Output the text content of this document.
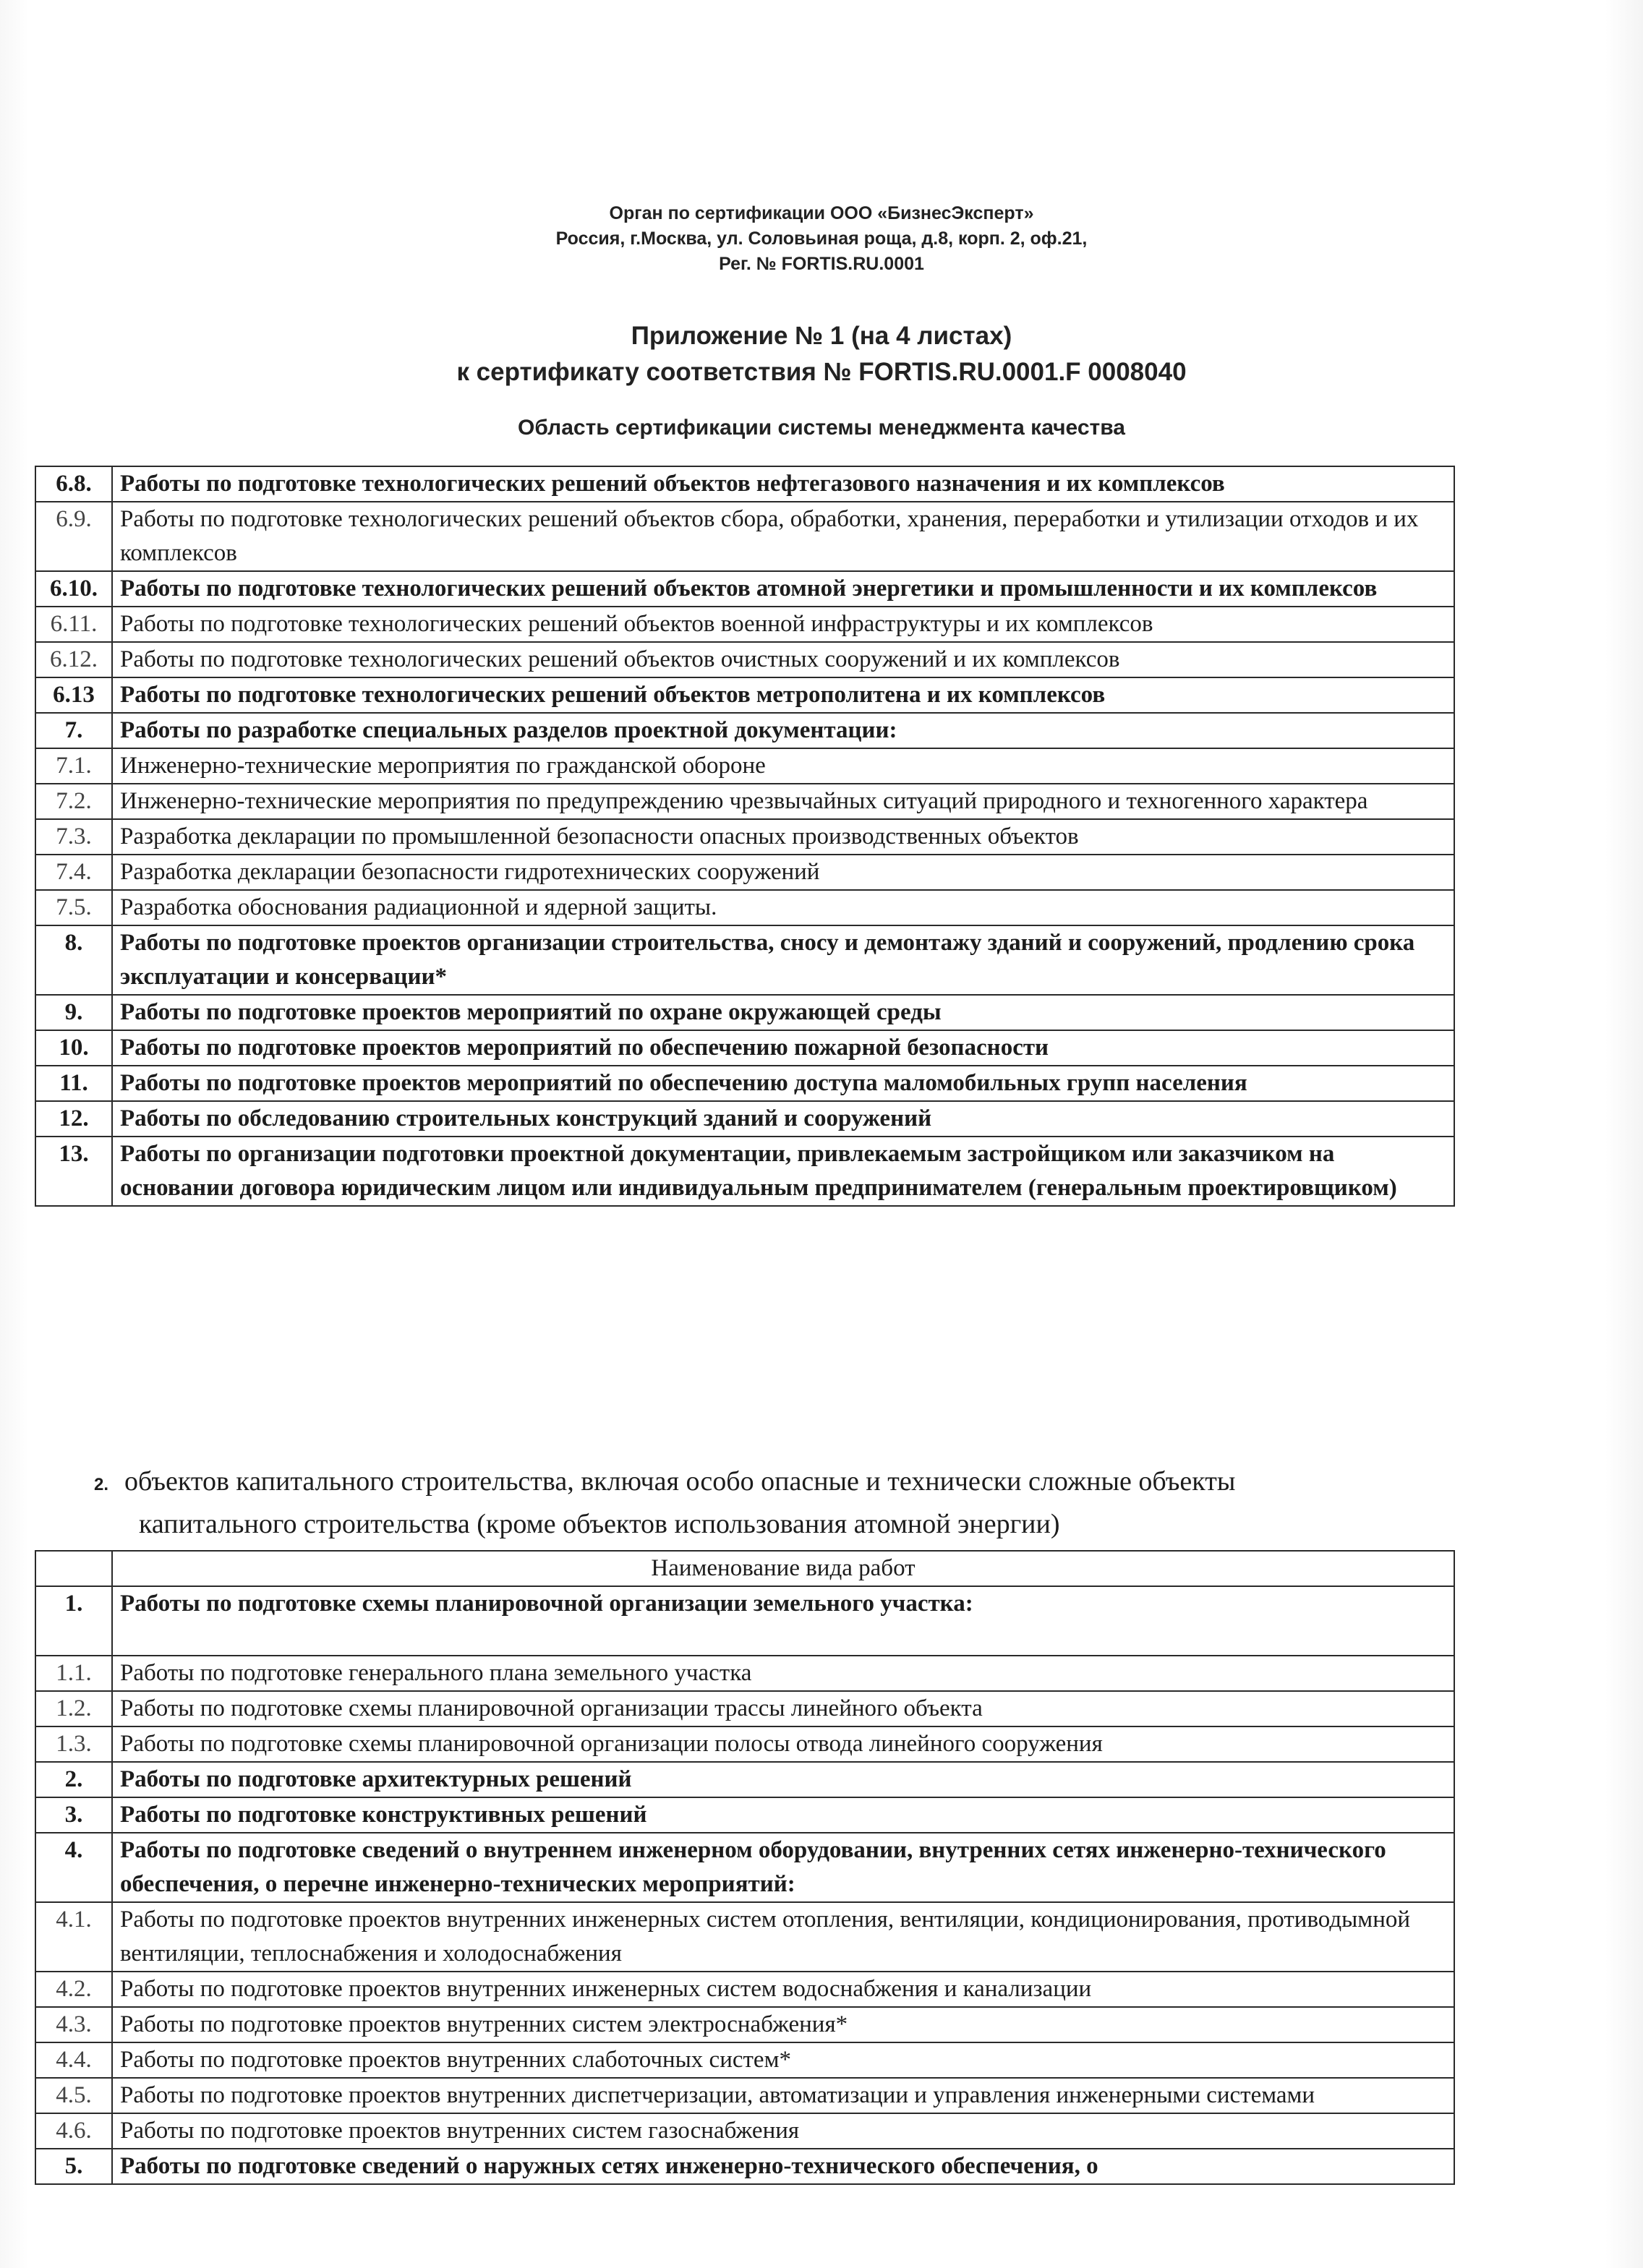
Орган по сертификации ООО «БизнесЭксперт»
Россия, г.Москва, ул. Соловьиная роща, д.8, корп. 2, оф.21,
Рег. № FORTIS.RU.0001
Приложение № 1 (на 4 листах)
к сертификату соответствия № FORTIS.RU.0001.F 0008040
Область сертификации системы менеджмента качества
6.8.	Работы по подготовке технологических решений объектов нефтегазового назначения и их комплексов
6.9.	Работы по подготовке технологических решений объектов сбора, обработки, хранения, переработки и утилизации отходов и их комплексов
6.10.	Работы по подготовке технологических решений объектов атомной энергетики и промышленности и их комплексов
6.11.	Работы по подготовке технологических решений объектов военной инфраструктуры и их комплексов
6.12.	Работы по подготовке технологических решений объектов очистных сооружений и их комплексов
6.13	Работы по подготовке технологических решений объектов метрополитена и их комплексов
7.	Работы по разработке специальных разделов проектной документации:
7.1.	Инженерно-технические мероприятия по гражданской обороне
7.2.	Инженерно-технические мероприятия по предупреждению чрезвычайных ситуаций природного и техногенного характера
7.3.	Разработка декларации по промышленной безопасности опасных производственных объектов
7.4.	Разработка декларации безопасности гидротехнических сооружений
7.5.	Разработка обоснования радиационной и ядерной защиты.
8.	Работы по подготовке проектов организации строительства, сносу и демонтажу зданий и сооружений, продлению срока эксплуатации и консервации*
9.	Работы по подготовке проектов мероприятий по охране окружающей среды
10.	Работы по подготовке проектов мероприятий по обеспечению пожарной безопасности
11.	Работы по подготовке проектов мероприятий по обеспечению доступа маломобильных групп населения
12.	Работы по обследованию строительных конструкций зданий и сооружений
13.	Работы по организации подготовки проектной документации, привлекаемым застройщиком или заказчиком на основании договора юридическим лицом или индивидуальным предпринимателем (генеральным проектировщиком)
2. объектов капитального строительства, включая особо опасные и технически сложные объекты
капитального строительства (кроме объектов использования атомной энергии)
	Наименование вида работ
1.	Работы по подготовке схемы планировочной организации земельного участка:
1.1.	Работы по подготовке генерального плана земельного участка
1.2.	Работы по подготовке схемы планировочной организации трассы линейного объекта
1.3.	Работы по подготовке схемы планировочной организации полосы отвода линейного сооружения
2.	Работы по подготовке архитектурных решений
3.	Работы по подготовке конструктивных решений
4.	Работы по подготовке сведений о внутреннем инженерном оборудовании, внутренних сетях инженерно-технического обеспечения, о перечне инженерно-технических мероприятий:
4.1.	Работы по подготовке проектов внутренних инженерных систем отопления, вентиляции, кондиционирования, противодымной вентиляции, теплоснабжения и холодоснабжения
4.2.	Работы по подготовке проектов внутренних инженерных систем водоснабжения и канализации
4.3.	Работы по подготовке проектов внутренних систем электроснабжения*
4.4.	Работы по подготовке проектов внутренних слаботочных систем*
4.5.	Работы по подготовке проектов внутренних диспетчеризации, автоматизации и управления инженерными системами
4.6.	Работы по подготовке проектов внутренних систем газоснабжения
5.	Работы по подготовке сведений о наружных сетях инженерно-технического обеспечения, о
